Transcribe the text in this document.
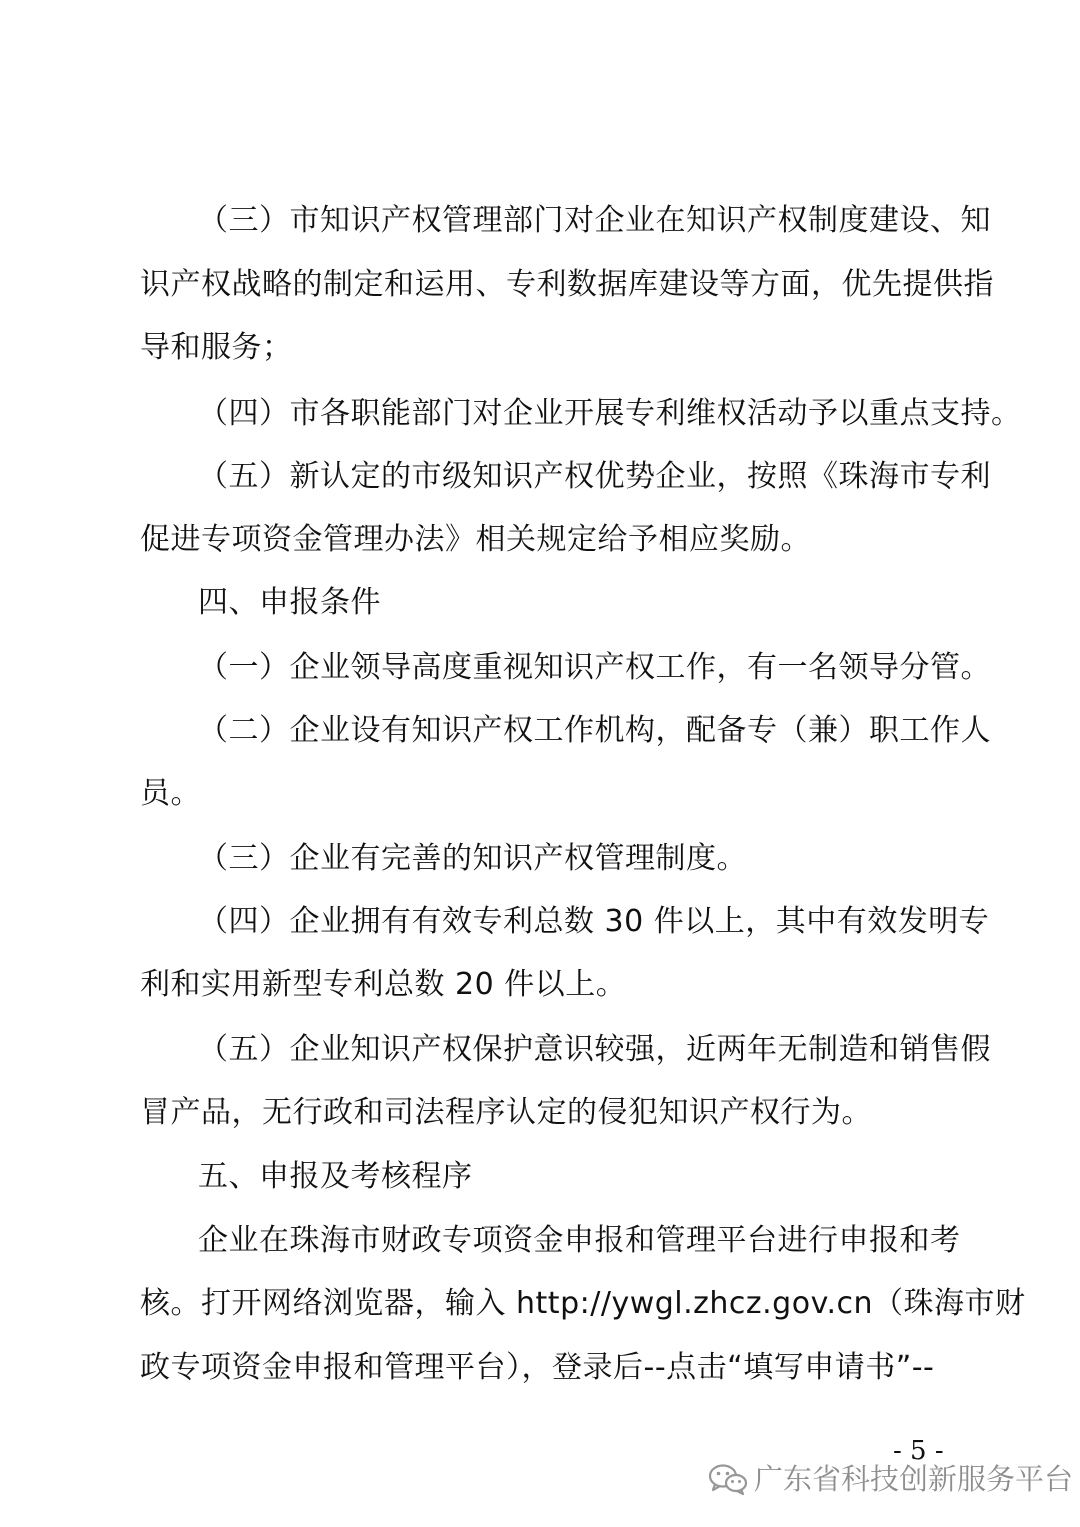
（三）市知识产权管理部门对企业在知识产权制度建设、知
识产权战略的制定和运用、专利数据库建设等方面，优先提供指
导和服务；
（四）市各职能部门对企业开展专利维权活动予以重点支持。
（五）新认定的市级知识产权优势企业，按照《珠海市专利
促进专项资金管理办法》相关规定给予相应奖励。
四、申报条件
（一）企业领导高度重视知识产权工作，有一名领导分管。
（二）企业设有知识产权工作机构，配备专（兼）职工作人
员。
（三）企业有完善的知识产权管理制度。
（四）企业拥有有效专利总数 30 件以上，其中有效发明专
利和实用新型专利总数 20 件以上。
（五）企业知识产权保护意识较强，近两年无制造和销售假
冒产品，无行政和司法程序认定的侵犯知识产权行为。
五、申报及考核程序
企业在珠海市财政专项资金申报和管理平台进行申报和考
核。打开网络浏览器，输入 http://ywgl.zhcz.gov.cn（珠海市财
政专项资金申报和管理平台），登录后--点击“填写申请书”--
- 5 -
广东省科技创新服务平台
